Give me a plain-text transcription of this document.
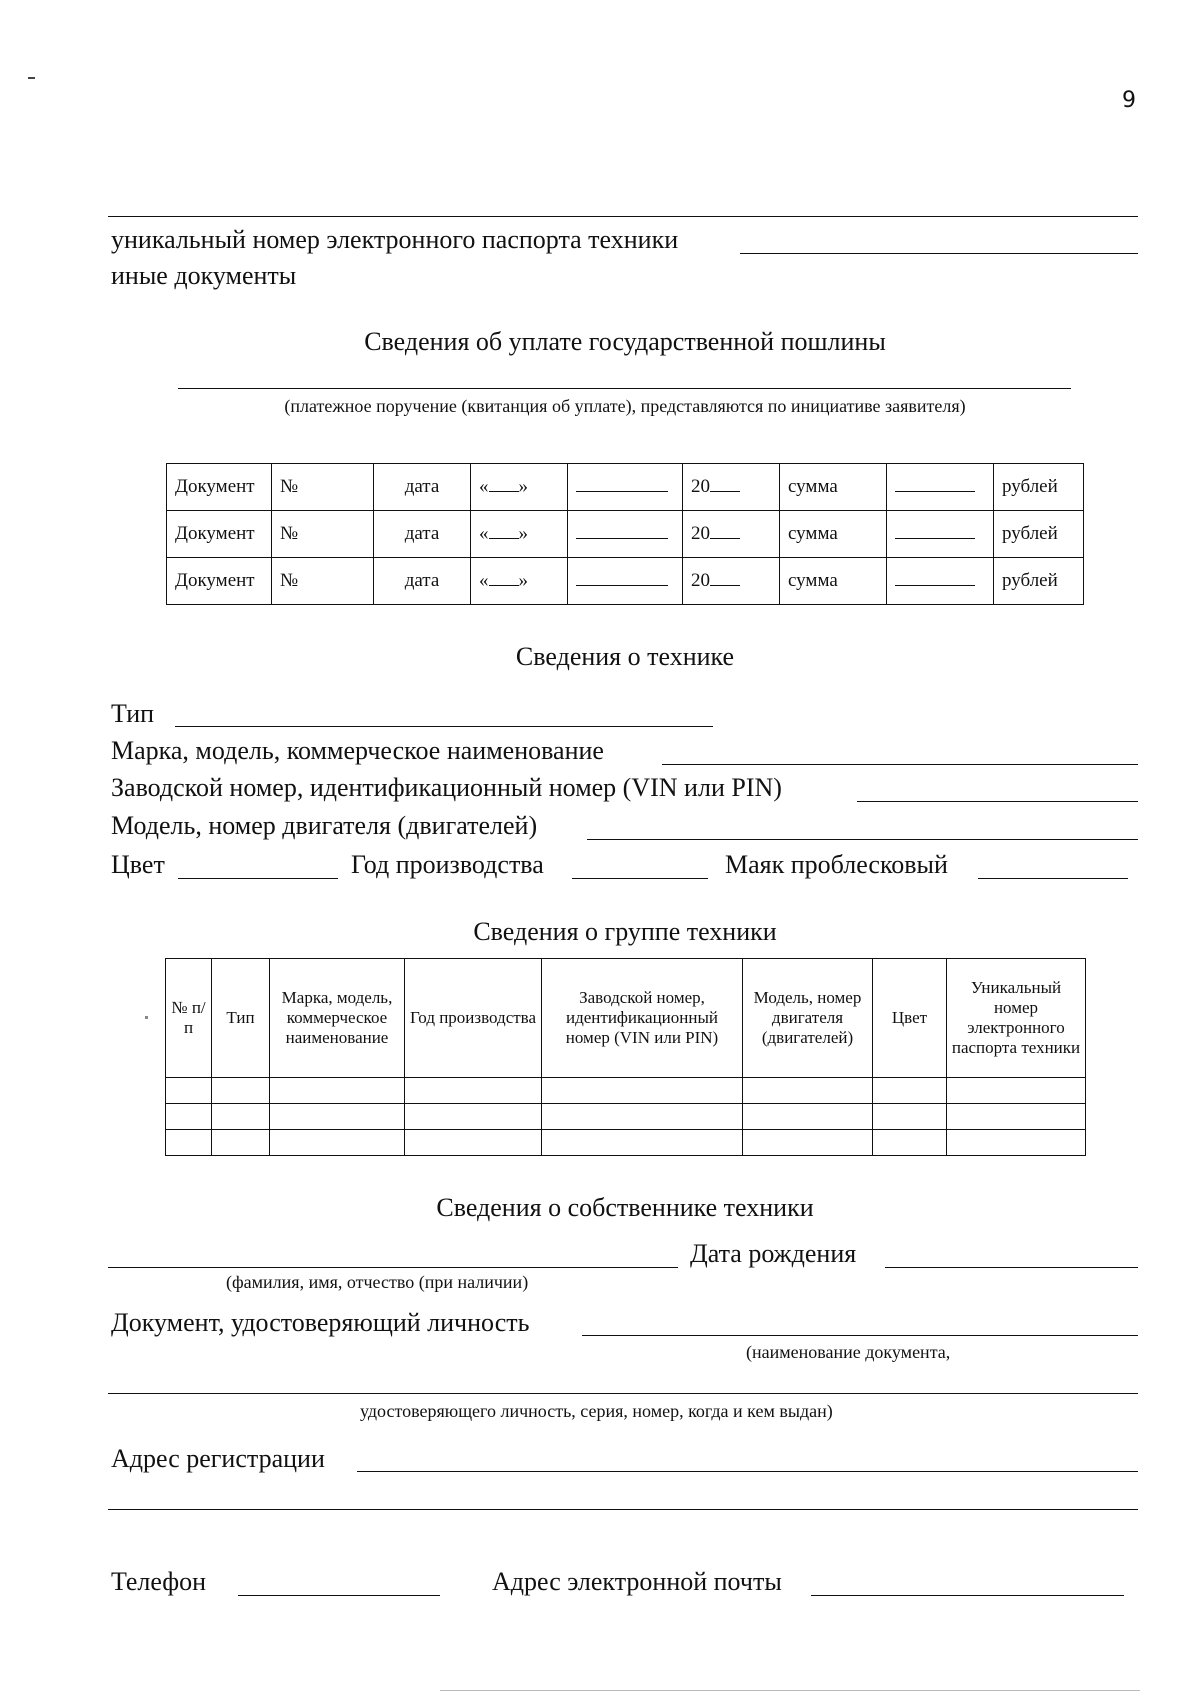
9
уникальный номер электронного паспорта техники
иные документы
Сведения об уплате государственной пошлины
(платежное поручение (квитанция об уплате), представляются по инициативе заявителя)
Документ	№	дата	« »		20	сумма		рублей
Документ	№	дата	« »		20	сумма		рублей
Документ	№	дата	« »		20	сумма		рублей
Сведения о технике
Тип
Марка, модель, коммерческое наименование
Заводской номер, идентификационный номер (VIN или PIN)
Модель, номер двигателя (двигателей)
Цвет	Год производства	Маяк проблесковый
Сведения о группе техники
№ п/п	Тип	Марка, модель, коммерческое наименование	Год производства	Заводской номер, идентификационный номер (VIN или PIN)	Модель, номер двигателя (двигателей)	Цвет	Уникальный номер электронного паспорта техники

Сведения о собственнике техники
Дата рождения
(фамилия, имя, отчество (при наличии)
Документ, удостоверяющий личность
(наименование документа,
удостоверяющего личность, серия, номер, когда и кем выдан)
Адрес регистрации
Телефон	Адрес электронной почты
